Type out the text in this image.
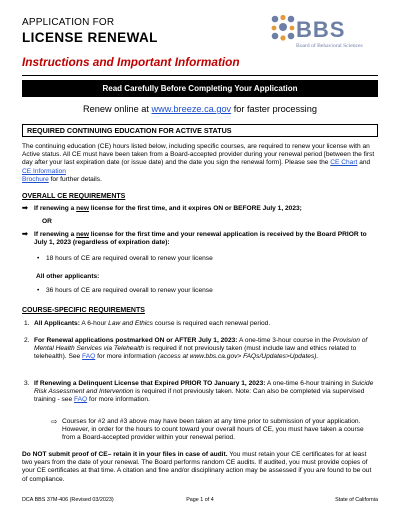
APPLICATION FOR
LICENSE RENEWAL	BBS
Board of Behavioral Sciences
Instructions and Important Information
Read Carefully Before Completing Your Application
Renew online at www.breeze.ca.gov for faster processing
REQUIRED CONTINUING EDUCATION FOR ACTIVE STATUS
The continuing education (CE) hours listed below, including specific courses, are required to renew your license with an Active status. All CE must have been taken from a Board-accepted provider during your renewal period [between the first day after your last expiration date (or issue date) and the date you sign the renewal form]. Please see the CE Chart and CE Information
Brochure for further details.
OVERALL CE REQUIREMENTS
➡ If renewing a new license for the first time, and it expires ON or BEFORE July 1, 2023;
OR
➡ If renewing a new license for the first time and your renewal application is received by the Board PRIOR to July 1, 2023 (regardless of expiration date):
• 18 hours of CE are required overall to renew your license
All other applicants:
• 36 hours of CE are required overall to renew your license
COURSE-SPECIFIC REQUIREMENTS
1. All Applicants: A 6-hour Law and Ethics course is required each renewal period.
2. For Renewal applications postmarked ON or AFTER July 1, 2023: A one-time 3-hour course in the Provision of Mental Health Services via Telehealth is required if not previously taken (must include law and ethics related to telehealth). See FAQ for more information (access at www.bbs.ca.gov> FAQs/Updates>Updates).
3. If Renewing a Delinquent License that Expired PRIOR TO January 1, 2023: A one-time 6-hour training in Suicide Risk Assessment and Intervention is required if not previously taken. Note: Can also be completed via supervised training - see FAQ for more information.
⇨ Courses for #2 and #3 above may have been taken at any time prior to submission of your application. However, in order for the hours to count toward your overall hours of CE, you must have taken a course from a Board-accepted provider within your renewal period.
Do NOT submit proof of CE– retain it in your files in case of audit. You must retain your CE certificates for at least two years from the date of your renewal. The Board performs random CE audits. If audited, you must provide copies of your CE certificates at that time. A citation and fine and/or disciplinary action may be assessed if you are found to be out of compliance.
DCA BBS 37M-406 (Revised 03/2023)	Page 1 of 4	State of California
